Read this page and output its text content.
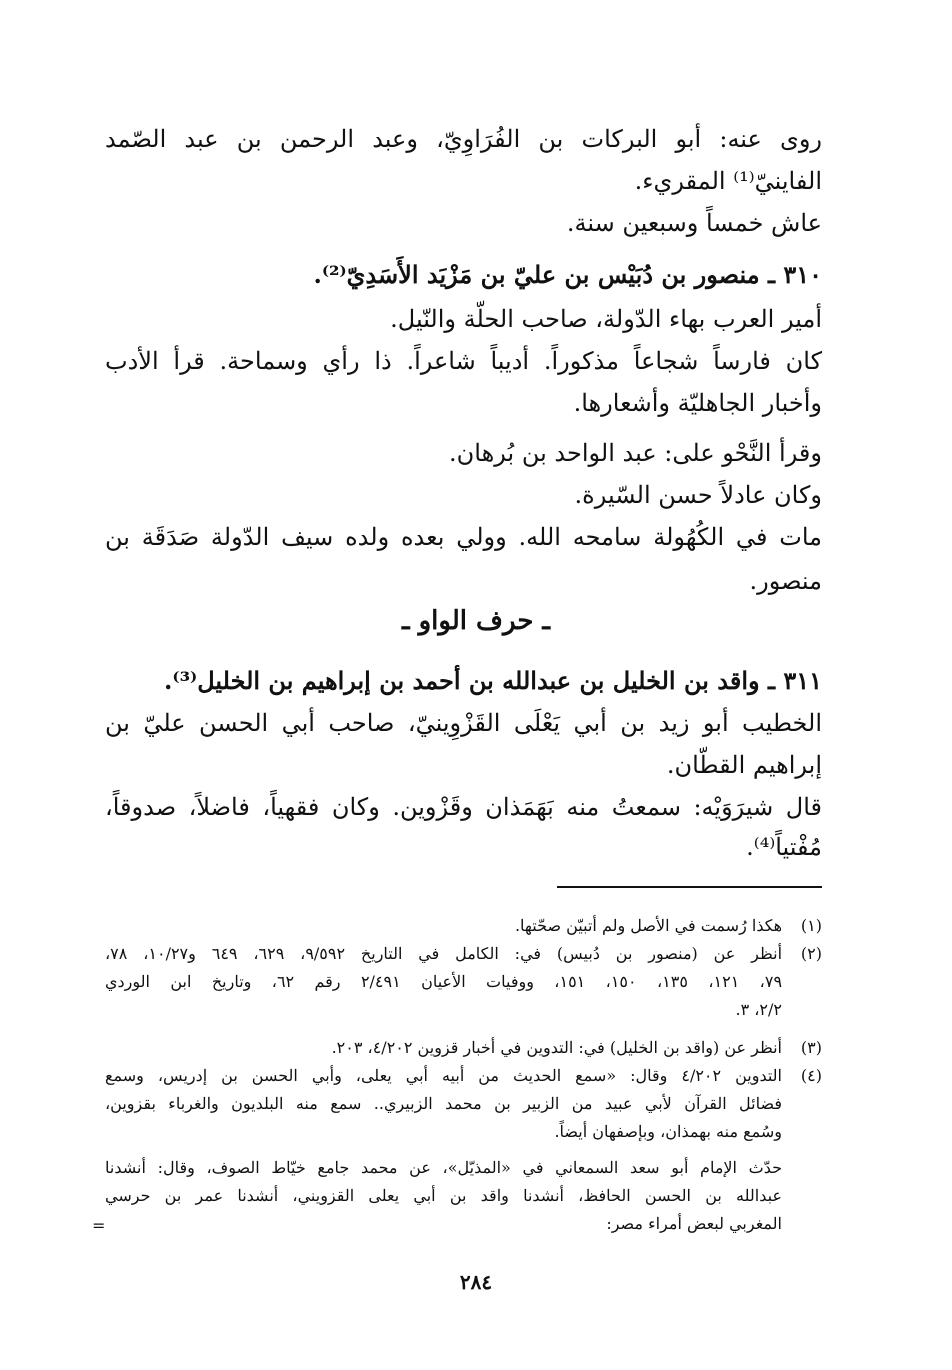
روى عنه: أبو البركات بن الفُرَاوِيّ، وعبد الرحمن بن عبد الصّمد
الفاينيّ⁽¹⁾ المقريء.
عاش خمساً وسبعين سنة.
٣١٠ ـ منصور بن دُبَيْس بن عليّ بن مَزْيَد الأَسَدِيّ⁽²⁾.
أمير العرب بهاء الدّولة، صاحب الحلّة والنّيل.
كان فارساً شجاعاً مذكوراً. أديباً شاعراً. ذا رأي وسماحة. قرأ الأدب
وأخبار الجاهليّة وأشعارها.
وقرأ النَّحْو على: عبد الواحد بن بُرهان.
وكان عادلاً حسن السّيرة.
مات في الكُهُولة سامحه الله. وولي بعده ولده سيف الدّولة صَدَقَة بن
منصور.
ـ حرف الواو ـ
٣١١ ـ واقد بن الخليل بن عبدالله بن أحمد بن إبراهيم بن الخليل⁽³⁾.
الخطيب أبو زيد بن أبي يَعْلَى القَزْوِينيّ، صاحب أبي الحسن عليّ بن
إبراهيم القطّان.
قال شيرَوَيْه: سمعتُ منه بَهَمَذان وقَزْوين. وكان فقهياً، فاضلاً، صدوقاً،
مُفْتياً⁽⁴⁾.
(١)
هكذا رُسمت في الأصل ولم أتبيّن صحّتها.
(٢)
أنظر عن (منصور بن دُبيس) في: الكامل في التاريخ ٩/٥٩٢، ٦٢٩، ٦٤٩ و١٠/٢٧، ٧٨،
٧٩، ١٢١، ١٣٥، ١٥٠، ١٥١، ووفيات الأعيان ٢/٤٩١ رقم ٦٢، وتاريخ ابن الوردي
٢/٢، ٣.
(٣)
أنظر عن (واقد بن الخليل) في: التدوين في أخبار قزوين ٤/٢٠٢، ٢٠٣.
(٤)
التدوين ٤/٢٠٢ وقال: «سمع الحديث من أبيه أبي يعلى، وأبي الحسن بن إدريس، وسمع
فضائل القرآن لأبي عبيد من الزبير بن محمد الزبيري.. سمع منه البلديون والغرباء بقزوين،
وسُمع منه بهمذان، وبإصفهان أيضاً.
حدّث الإمام أبو سعد السمعاني في «المذيّل»، عن محمد جامع خيّاط الصوف، وقال: أنشدنا
عبدالله بن الحسن الحافظ، أنشدنا واقد بن أبي يعلى القزويني، أنشدنا عمر بن حرسي
المغربي لبعض أمراء مصر:
=
٢٨٤
